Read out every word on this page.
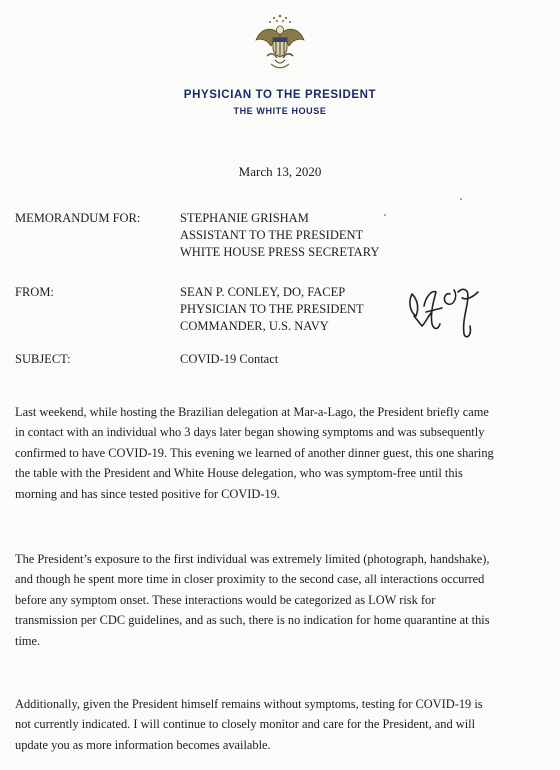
PHYSICIAN TO THE PRESIDENT
THE WHITE HOUSE
March 13, 2020
MEMORANDUM FOR:	STEPHANIE GRISHAM
ASSISTANT TO THE PRESIDENT
WHITE HOUSE PRESS SECRETARY
FROM:	SEAN P. CONLEY, DO, FACEP
PHYSICIAN TO THE PRESIDENT
COMMANDER, U.S. NAVY
SUBJECT:	COVID-19 Contact

Last weekend, while hosting the Brazilian delegation at Mar-a-Lago, the President briefly came
in contact with an individual who 3 days later began showing symptoms and was subsequently
confirmed to have COVID-19. This evening we learned of another dinner guest, this one sharing
the table with the President and White House delegation, who was symptom-free until this
morning and has since tested positive for COVID-19.

The President’s exposure to the first individual was extremely limited (photograph, handshake),
and though he spent more time in closer proximity to the second case, all interactions occurred
before any symptom onset. These interactions would be categorized as LOW risk for
transmission per CDC guidelines, and as such, there is no indication for home quarantine at this
time.

Additionally, given the President himself remains without symptoms, testing for COVID-19 is
not currently indicated. I will continue to closely monitor and care for the President, and will
update you as more information becomes available.
